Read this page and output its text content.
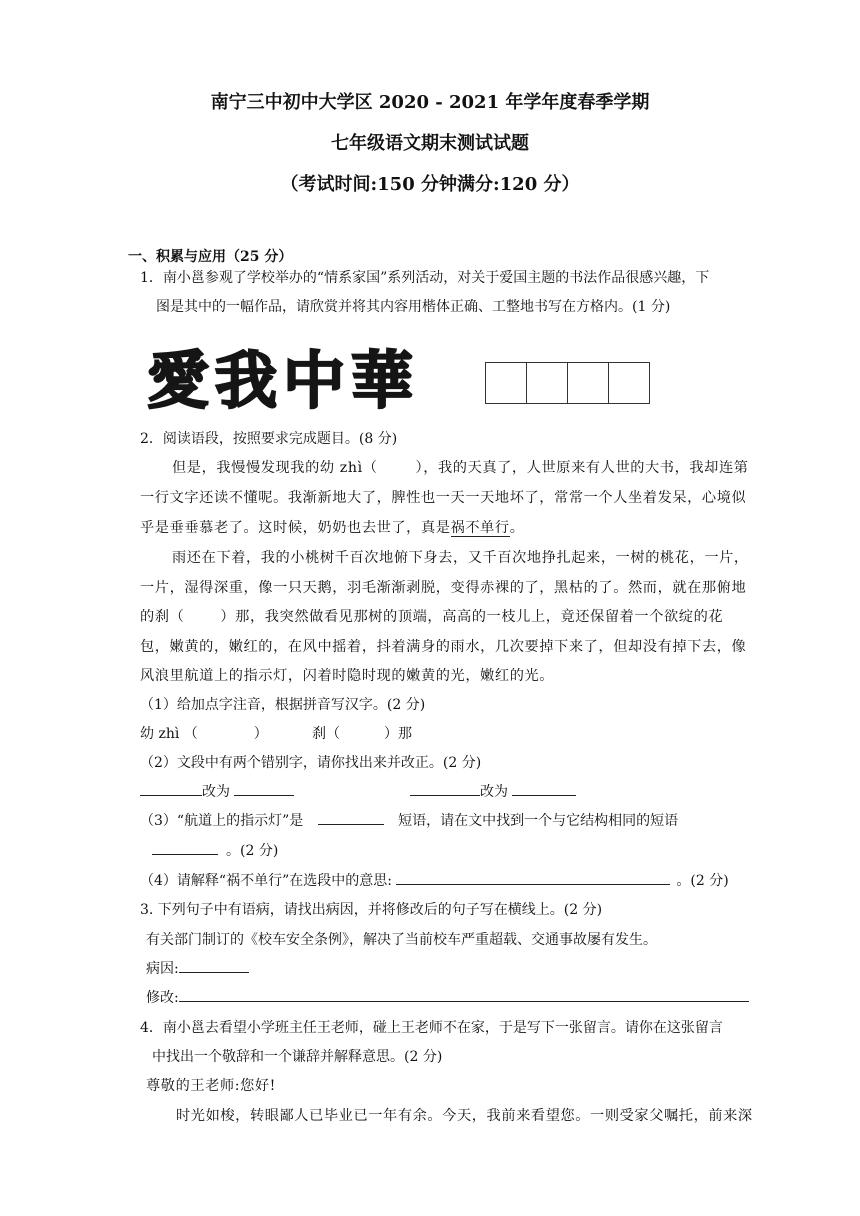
南宁三中初中大学区 2020 - 2021 年学年度春季学期
七年级语文期末测试试题
（考试时间:150 分钟满分:120 分）
一、积累与应用（25 分）
1．南小邕参观了学校举办的“情系家国”系列活动，对关于爱国主题的书法作品很感兴趣，下
图是其中的一幅作品，请欣赏并将其内容用楷体正确、工整地书写在方格内。(1 分)
愛我中華
2．阅读语段，按照要求完成题目。(8 分)
但是，我慢慢发现我的幼 zhì（	），我的天真了，人世原来有人世的大书，我却连第
一行文字还读不懂呢。我渐新地大了，脾性也一天一天地坏了，常常一个人坐着发呆，心境似
乎是垂垂慕老了。这时候，奶奶也去世了，真是祸不单行。
雨还在下着，我的小桃树千百次地俯下身去，又千百次地挣扎起来，一树的桃花，一片，
一片，湿得深重，像一只天鹅，羽毛渐渐剥脱，变得赤裸的了，黑枯的了。然而，就在那俯地
的刹（	）那，我突然做看见那树的顶端，高高的一枝儿上，竟还保留着一个欲绽的花
包，嫩黄的，嫩红的，在风中摇着，抖着满身的雨水，几次要掉下来了，但却没有掉下去，像
风浪里航道上的指示灯，闪着时隐时现的嫩黄的光，嫩红的光。
（1）给加点字注音，根据拼音写汉字。(2 分)
幼 zhì （	）	刹（	）那
（2）文段中有两个错别字，请你找出来并改正。(2 分)
改为	改为
（3）“航道上的指示灯”是	短语，请在文中找到一个与它结构相同的短语
。(2 分)
（4）请解释“祸不单行”在选段中的意思:	。(2 分)
3. 下列句子中有语病，请找出病因，并将修改后的句子写在横线上。(2 分)
有关部门制订的《校车安全条例》，解决了当前校车严重超载、交通事故屡有发生。
病因:
修改:
4．南小邕去看望小学班主任王老师，碰上王老师不在家，于是写下一张留言。请你在这张留言
中找出一个敬辞和一个谦辞并解释意思。(2 分)
尊敬的王老师:您好!
时光如梭，转眼鄙人已毕业已一年有余。今天，我前来看望您。一则受家父嘱托，前来深
